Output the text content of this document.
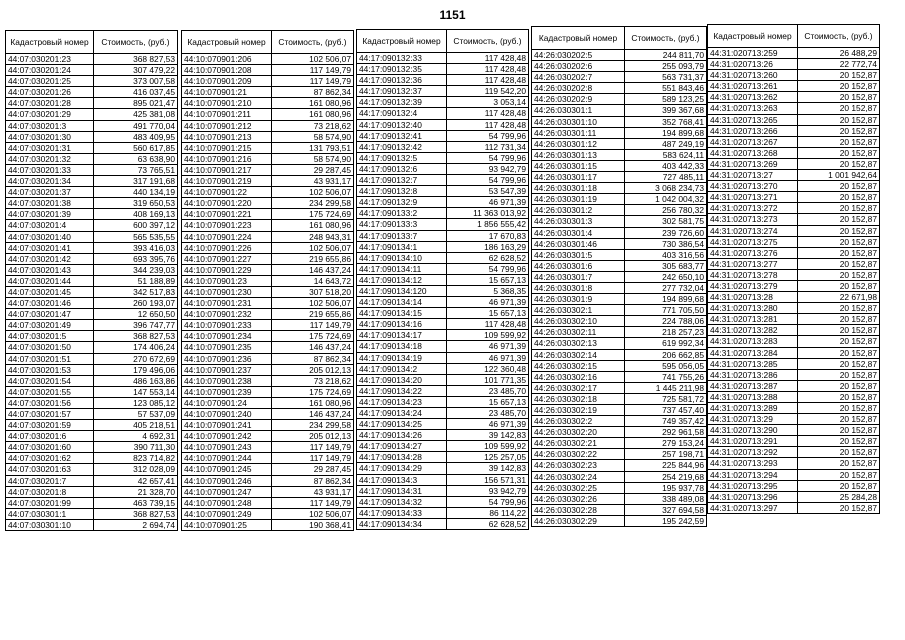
1151
Кадастровый номер	Стоимость, (руб.)
44:07:030201:23	368 827,53
44:07:030201:24	307 479,22
44:07:030201:25	373 007,58
44:07:030201:26	416 037,45
44:07:030201:28	895 021,47
44:07:030201:29	425 381,08
44:07:030201:3	491 770,04
44:07:030201:30	483 409,95
44:07:030201:31	560 617,85
44:07:030201:32	63 638,90
44:07:030201:33	73 765,51
44:07:030201:34	317 191,68
44:07:030201:37	440 134,19
44:07:030201:38	319 650,53
44:07:030201:39	408 169,13
44:07:030201:4	600 397,12
44:07:030201:40	565 535,55
44:07:030201:41	393 416,03
44:07:030201:42	693 395,76
44:07:030201:43	344 239,03
44:07:030201:44	51 188,89
44:07:030201:45	342 517,83
44:07:030201:46	260 193,07
44:07:030201:47	12 650,50
44:07:030201:49	396 747,77
44:07:030201:5	368 827,53
44:07:030201:50	174 406,24
44:07:030201:51	270 672,69
44:07:030201:53	179 496,06
44:07:030201:54	486 163,86
44:07:030201:55	147 553,14
44:07:030201:56	123 085,12
44:07:030201:57	57 537,09
44:07:030201:59	405 218,51
44:07:030201:6	4 692,31
44:07:030201:60	390 711,30
44:07:030201:62	823 714,82
44:07:030201:63	312 028,09
44:07:030201:7	42 657,41
44:07:030201:8	21 328,70
44:07:030201:99	463 739,15
44:07:030301:1	368 827,53
44:07:030301:10	2 694,74
Кадастровый номер	Стоимость, (руб.)
44:10:070901:206	102 506,07
44:10:070901:208	117 149,79
44:10:070901:209	117 149,79
44:10:070901:21	87 862,34
44:10:070901:210	161 080,96
44:10:070901:211	161 080,96
44:10:070901:212	73 218,62
44:10:070901:213	58 574,90
44:10:070901:215	131 793,51
44:10:070901:216	58 574,90
44:10:070901:217	29 287,45
44:10:070901:219	43 931,17
44:10:070901:22	102 506,07
44:10:070901:220	234 299,58
44:10:070901:221	175 724,69
44:10:070901:223	161 080,96
44:10:070901:224	248 943,31
44:10:070901:226	102 506,07
44:10:070901:227	219 655,86
44:10:070901:229	146 437,24
44:10:070901:23	14 643,72
44:10:070901:230	307 518,20
44:10:070901:231	102 506,07
44:10:070901:232	219 655,86
44:10:070901:233	117 149,79
44:10:070901:234	175 724,69
44:10:070901:235	146 437,24
44:10:070901:236	87 862,34
44:10:070901:237	205 012,13
44:10:070901:238	73 218,62
44:10:070901:239	175 724,69
44:10:070901:24	161 080,96
44:10:070901:240	146 437,24
44:10:070901:241	234 299,58
44:10:070901:242	205 012,13
44:10:070901:243	117 149,79
44:10:070901:244	117 149,79
44:10:070901:245	29 287,45
44:10:070901:246	87 862,34
44:10:070901:247	43 931,17
44:10:070901:248	117 149,79
44:10:070901:249	102 506,07
44:10:070901:25	190 368,41
Кадастровый номер	Стоимость, (руб.)
44:17:090132:33	117 428,48
44:17:090132:35	117 428,48
44:17:090132:36	117 428,48
44:17:090132:37	119 542,20
44:17:090132:39	3 053,14
44:17:090132:4	117 428,48
44:17:090132:40	117 428,48
44:17:090132:41	54 799,96
44:17:090132:42	112 731,34
44:17:090132:5	54 799,96
44:17:090132:6	93 942,79
44:17:090132:7	54 799,96
44:17:090132:8	53 547,39
44:17:090132:9	46 971,39
44:17:090133:2	11 363 013,92
44:17:090133:3	1 856 555,42
44:17:090133:7	17 670,83
44:17:090134:1	186 163,29
44:17:090134:10	62 628,52
44:17:090134:11	54 799,96
44:17:090134:12	15 657,13
44:17:090134:120	5 368,35
44:17:090134:14	46 971,39
44:17:090134:15	15 657,13
44:17:090134:16	117 428,48
44:17:090134:17	109 599,92
44:17:090134:18	46 971,39
44:17:090134:19	46 971,39
44:17:090134:2	122 360,48
44:17:090134:20	101 771,35
44:17:090134:22	23 485,70
44:17:090134:23	15 657,13
44:17:090134:24	23 485,70
44:17:090134:25	46 971,39
44:17:090134:26	39 142,83
44:17:090134:27	109 599,92
44:17:090134:28	125 257,05
44:17:090134:29	39 142,83
44:17:090134:3	156 571,31
44:17:090134:31	93 942,79
44:17:090134:32	54 799,96
44:17:090134:33	86 114,22
44:17:090134:34	62 628,52
Кадастровый номер	Стоимость, (руб.)
44:26:030202:5	244 811,70
44:26:030202:6	255 093,79
44:26:030202:7	563 731,37
44:26:030202:8	551 843,46
44:26:030202:9	589 123,25
44:26:030301:1	399 367,68
44:26:030301:10	352 768,41
44:26:030301:11	194 899,68
44:26:030301:12	487 249,19
44:26:030301:13	583 624,11
44:26:030301:15	403 442,33
44:26:030301:17	727 485,11
44:26:030301:18	3 068 234,73
44:26:030301:19	1 042 004,32
44:26:030301:2	256 780,32
44:26:030301:3	302 581,75
44:26:030301:4	239 726,60
44:26:030301:46	730 386,54
44:26:030301:5	403 316,56
44:26:030301:6	305 683,77
44:26:030301:7	242 650,10
44:26:030301:8	277 732,04
44:26:030301:9	194 899,68
44:26:030302:1	771 705,50
44:26:030302:10	224 788,06
44:26:030302:11	218 257,23
44:26:030302:13	619 992,34
44:26:030302:14	206 662,85
44:26:030302:15	595 056,05
44:26:030302:16	741 755,26
44:26:030302:17	1 445 211,98
44:26:030302:18	725 581,72
44:26:030302:19	737 457,40
44:26:030302:2	749 357,42
44:26:030302:20	292 961,58
44:26:030302:21	279 153,24
44:26:030302:22	257 198,71
44:26:030302:23	225 844,96
44:26:030302:24	254 219,68
44:26:030302:25	195 937,78
44:26:030302:26	338 489,08
44:26:030302:28	327 694,58
44:26:030302:29	195 242,59
Кадастровый номер	Стоимость, (руб.)
44:31:020713:259	26 488,29
44:31:020713:26	22 772,74
44:31:020713:260	20 152,87
44:31:020713:261	20 152,87
44:31:020713:262	20 152,87
44:31:020713:263	20 152,87
44:31:020713:265	20 152,87
44:31:020713:266	20 152,87
44:31:020713:267	20 152,87
44:31:020713:268	20 152,87
44:31:020713:269	20 152,87
44:31:020713:27	1 001 942,64
44:31:020713:270	20 152,87
44:31:020713:271	20 152,87
44:31:020713:272	20 152,87
44:31:020713:273	20 152,87
44:31:020713:274	20 152,87
44:31:020713:275	20 152,87
44:31:020713:276	20 152,87
44:31:020713:277	20 152,87
44:31:020713:278	20 152,87
44:31:020713:279	20 152,87
44:31:020713:28	22 671,98
44:31:020713:280	20 152,87
44:31:020713:281	20 152,87
44:31:020713:282	20 152,87
44:31:020713:283	20 152,87
44:31:020713:284	20 152,87
44:31:020713:285	20 152,87
44:31:020713:286	20 152,87
44:31:020713:287	20 152,87
44:31:020713:288	20 152,87
44:31:020713:289	20 152,87
44:31:020713:29	20 152,87
44:31:020713:290	20 152,87
44:31:020713:291	20 152,87
44:31:020713:292	20 152,87
44:31:020713:293	20 152,87
44:31:020713:294	20 152,87
44:31:020713:295	20 152,87
44:31:020713:296	25 284,28
44:31:020713:297	20 152,87
